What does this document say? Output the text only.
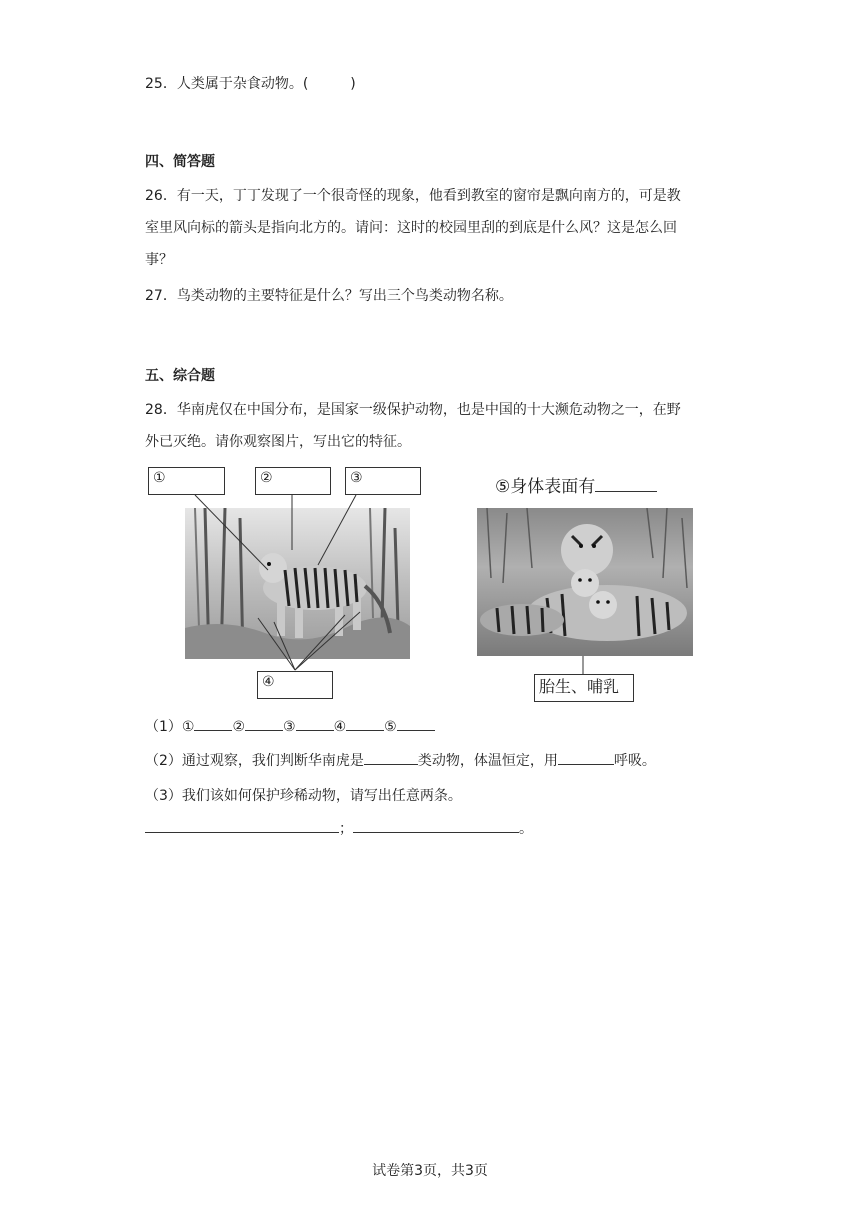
25．人类属于杂食动物。(　　　)
四、简答题
26．有一天，丁丁发现了一个很奇怪的现象，他看到教室的窗帘是飘向南方的，可是教
室里风向标的箭头是指向北方的。请问：这时的校园里刮的到底是什么风？这是怎么回
事？
27．鸟类动物的主要特征是什么？写出三个鸟类动物名称。
五、综合题
28．华南虎仅在中国分布，是国家一级保护动物，也是中国的十大濒危动物之一，在野
外已灭绝。请你观察图片，写出它的特征。
①	②	③
④
⑤身体表面有
胎生、哺乳
（1）①	②	③	④	⑤
（2）通过观察，我们判断华南虎是	类动物，体温恒定，用	呼吸。
（3）我们该如何保护珍稀动物，请写出任意两条。
；	。
试卷第3页，共3页
